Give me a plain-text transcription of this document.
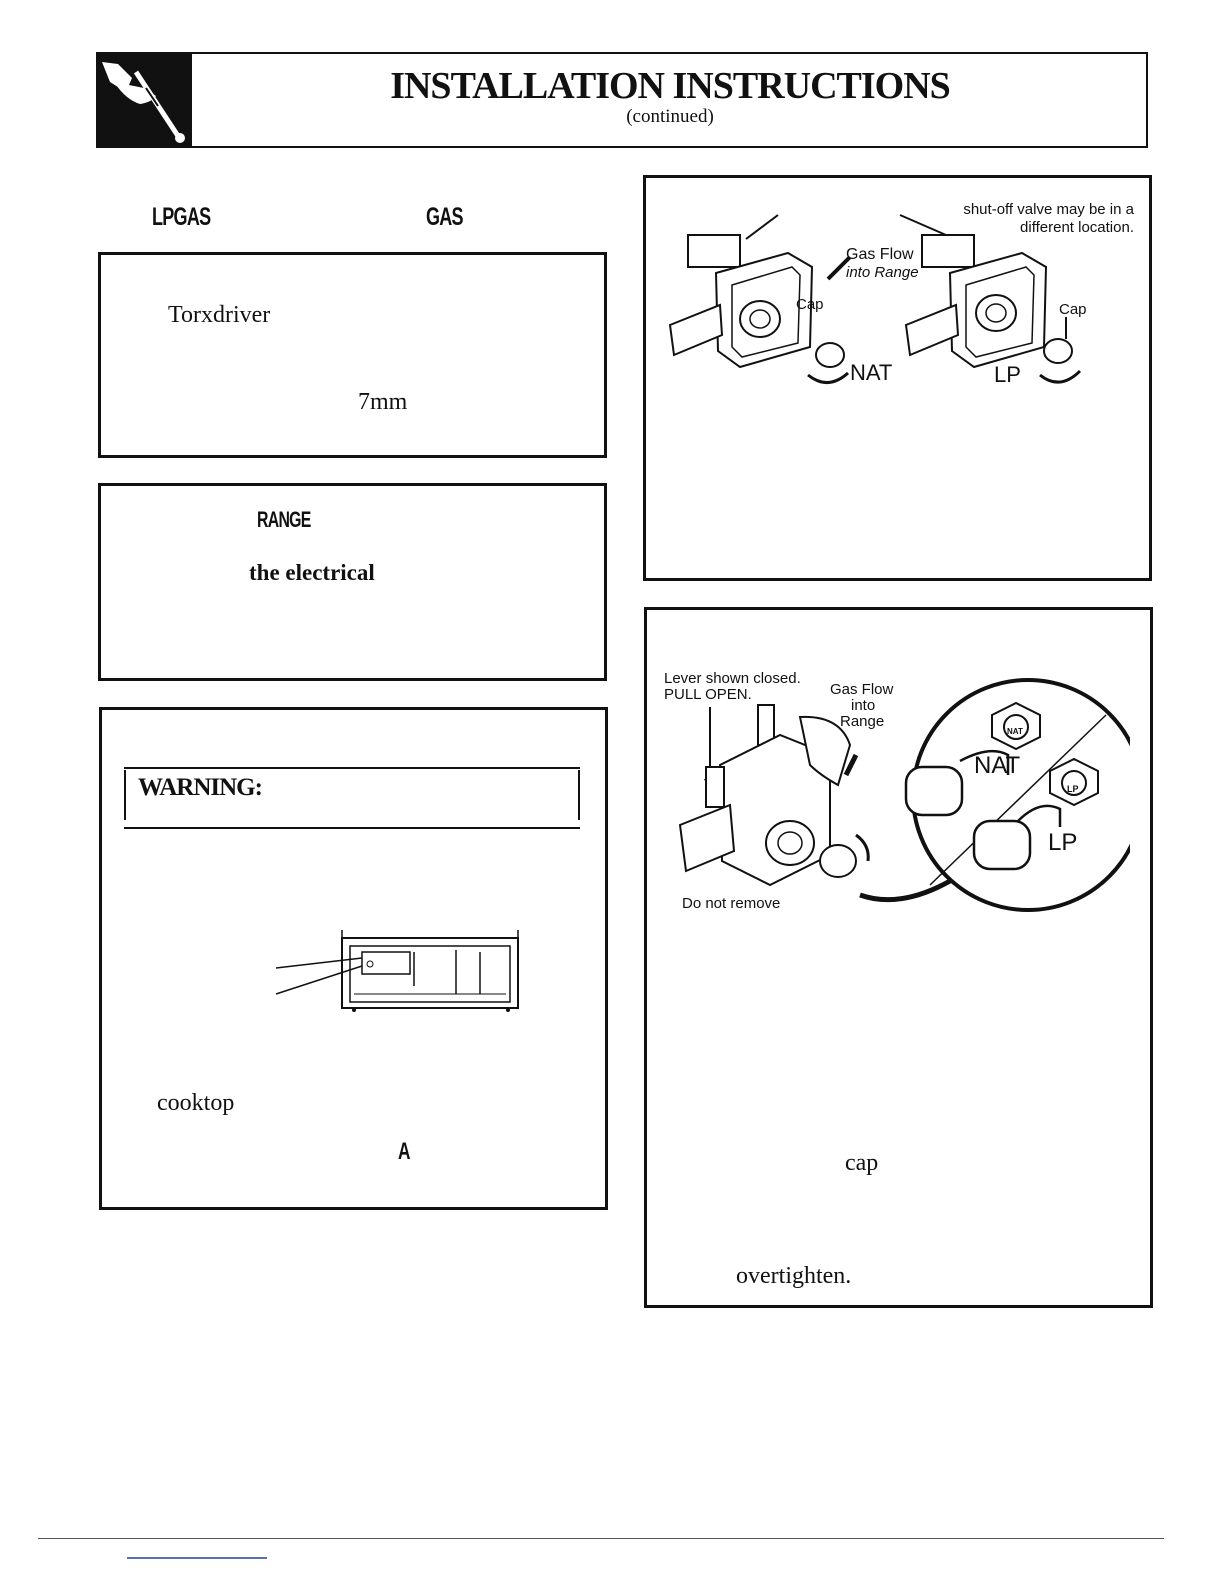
INSTALLATION INSTRUCTIONS
(continued)
LPGAS	GAS
Torxdriver
7mm
RANGE
the electrical
WARNING:
cooktop
A
shut-off valve may be in a different location.
Gas Flow
into Range
Cap	Cap
NAT	LP
Lever shown closed.
PULL OPEN.	Gas Flow
into
Range
NAT
LP
NAT
LP
Do not remove
cap
overtighten.
